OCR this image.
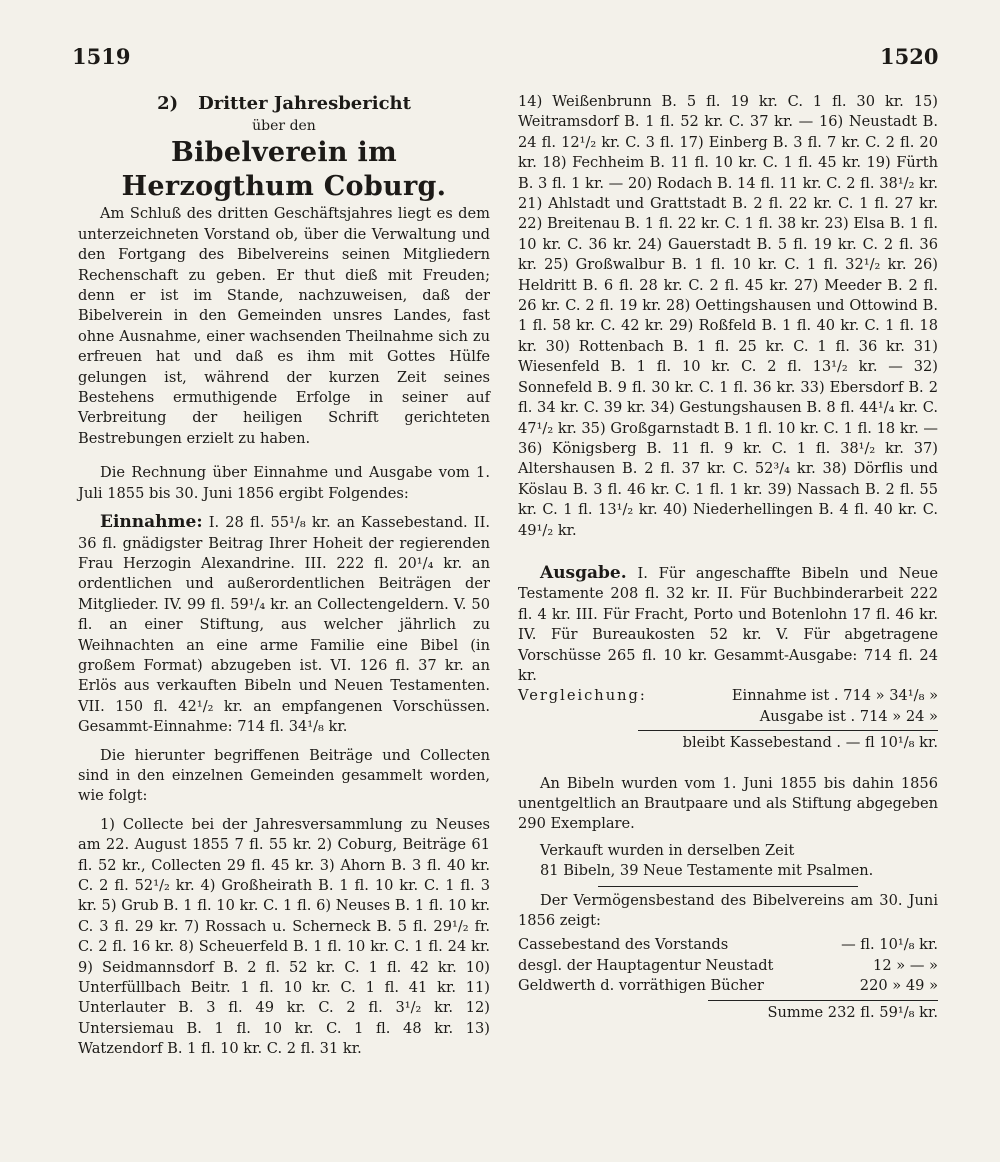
1519	1520

2) Dritter Jahresbericht

über den

Bibelverein im Herzogthum Coburg.

Am Schluß des dritten Geschäftsjahres liegt es dem unterzeichneten Vorstand ob, über die Verwaltung und den Fortgang des Bibelvereins seinen Mitgliedern Rechenschaft zu geben. Er thut dieß mit Freuden; denn er ist im Stande, nachzuweisen, daß der Bibelverein in den Gemeinden unsres Landes, fast ohne Ausnahme, einer wachsenden Theilnahme sich zu erfreuen hat und daß es ihm mit Gottes Hülfe gelungen ist, während der kurzen Zeit seines Bestehens ermuthigende Erfolge in seiner auf Verbreitung der heiligen Schrift gerichteten Bestrebungen erzielt zu haben.

Die Rechnung über Einnahme und Ausgabe vom 1. Juli 1855 bis 30. Juni 1856 ergibt Folgendes:

Einnahme: I. 28 fl. 55¹/₈ kr. an Kassebestand. II. 36 fl. gnädigster Beitrag Ihrer Hoheit der regierenden Frau Herzogin Alexandrine. III. 222 fl. 20¹/₄ kr. an ordentlichen und außerordentlichen Beiträgen der Mitglieder. IV. 99 fl. 59¹/₄ kr. an Collectengeldern. V. 50 fl. an einer Stiftung, aus welcher jährlich zu Weihnachten an eine arme Familie eine Bibel (in großem Format) abzugeben ist. VI. 126 fl. 37 kr. an Erlös aus verkauften Bibeln und Neuen Testamenten. VII. 150 fl. 42¹/₂ kr. an empfangenen Vorschüssen. Gesammt-Einnahme: 714 fl. 34¹/₈ kr.

Die hierunter begriffenen Beiträge und Collecten sind in den einzelnen Gemeinden gesammelt worden, wie folgt:

1) Collecte bei der Jahresversammlung zu Neuses am 22. August 1855 7 fl. 55 kr. 2) Coburg, Beiträge 61 fl. 52 kr., Collecten 29 fl. 45 kr. 3) Ahorn B. 3 fl. 40 kr. C. 2 fl. 52¹/₂ kr. 4) Großheirath B. 1 fl. 10 kr. C. 1 fl. 3 kr. 5) Grub B. 1 fl. 10 kr. C. 1 fl. 6) Neuses B. 1 fl. 10 kr. C. 3 fl. 29 kr. 7) Rossach u. Scherneck B. 5 fl. 29¹/₂ fr. C. 2 fl. 16 kr. 8) Scheuerfeld B. 1 fl. 10 kr. C. 1 fl. 24 kr. 9) Seidmannsdorf B. 2 fl. 52 kr. C. 1 fl. 42 kr. 10) Unterfüllbach Beitr. 1 fl. 10 kr. C. 1 fl. 41 kr. 11) Unterlauter B. 3 fl. 49 kr. C. 2 fl. 3¹/₂ kr. 12) Untersiemau B. 1 fl. 10 kr. C. 1 fl. 48 kr. 13) Watzendorf B. 1 fl. 10 kr. C. 2 fl. 31 kr.

14) Weißenbrunn B. 5 fl. 19 kr. C. 1 fl. 30 kr. 15) Weitramsdorf B. 1 fl. 52 kr. C. 37 kr. — 16) Neustadt B. 24 fl. 12¹/₂ kr. C. 3 fl. 17) Einberg B. 3 fl. 7 kr. C. 2 fl. 20 kr. 18) Fechheim B. 11 fl. 10 kr. C. 1 fl. 45 kr. 19) Fürth B. 3 fl. 1 kr. — 20) Rodach B. 14 fl. 11 kr. C. 2 fl. 38¹/₂ kr. 21) Ahlstadt und Grattstadt B. 2 fl. 22 kr. C. 1 fl. 27 kr. 22) Breitenau B. 1 fl. 22 kr. C. 1 fl. 38 kr. 23) Elsa B. 1 fl. 10 kr. C. 36 kr. 24) Gauerstadt B. 5 fl. 19 kr. C. 2 fl. 36 kr. 25) Großwalbur B. 1 fl. 10 kr. C. 1 fl. 32¹/₂ kr. 26) Heldritt B. 6 fl. 28 kr. C. 2 fl. 45 kr. 27) Meeder B. 2 fl. 26 kr. C. 2 fl. 19 kr. 28) Oettingshausen und Ottowind B. 1 fl. 58 kr. C. 42 kr. 29) Roßfeld B. 1 fl. 40 kr. C. 1 fl. 18 kr. 30) Rottenbach B. 1 fl. 25 kr. C. 1 fl. 36 kr. 31) Wiesenfeld B. 1 fl. 10 kr. C. 2 fl. 13¹/₂ kr. — 32) Sonnefeld B. 9 fl. 30 kr. C. 1 fl. 36 kr. 33) Ebersdorf B. 2 fl. 34 kr. C. 39 kr. 34) Gestungshausen B. 8 fl. 44¹/₄ kr. C. 47¹/₂ kr. 35) Großgarnstadt B. 1 fl. 10 kr. C. 1 fl. 18 kr. — 36) Königsberg B. 11 fl. 9 kr. C. 1 fl. 38¹/₂ kr. 37) Altershausen B. 2 fl. 37 kr. C. 52³/₄ kr. 38) Dörflis und Köslau B. 3 fl. 46 kr. C. 1 fl. 1 kr. 39) Nassach B. 2 fl. 55 kr. C. 1 fl. 13¹/₂ kr. 40) Niederhellingen B. 4 fl. 40 kr. C. 49¹/₂ kr.

Ausgabe. I. Für angeschaffte Bibeln und Neue Testamente 208 fl. 32 kr. II. Für Buchbinderarbeit 222 fl. 4 kr. III. Für Fracht, Porto und Botenlohn 17 fl. 46 kr. IV. Für Bureaukosten 52 kr. V. Für abgetragene Vorschüsse 265 fl. 10 kr. Gesammt-Ausgabe: 714 fl. 24 kr.

Vergleichung:	Einnahme ist . 714 » 34¹/₈ »
Ausgabe ist . 714 » 24 »
bleibt Kassebestand . — fl 10¹/₈ kr.

An Bibeln wurden vom 1. Juni 1855 bis dahin 1856 unentgeltlich an Brautpaare und als Stiftung abgegeben 290 Exemplare.

Verkauft wurden in derselben Zeit

81 Bibeln, 39 Neue Testamente mit Psalmen.

Der Vermögensbestand des Bibelvereins am 30. Juni 1856 zeigt:

Cassebestand des Vorstands	— fl. 10¹/₈ kr.
desgl. der Hauptagentur Neustadt	12 » — »
Geldwerth d. vorräthigen Bücher	220 » 49 »
Summe 232 fl. 59¹/₈ kr.
